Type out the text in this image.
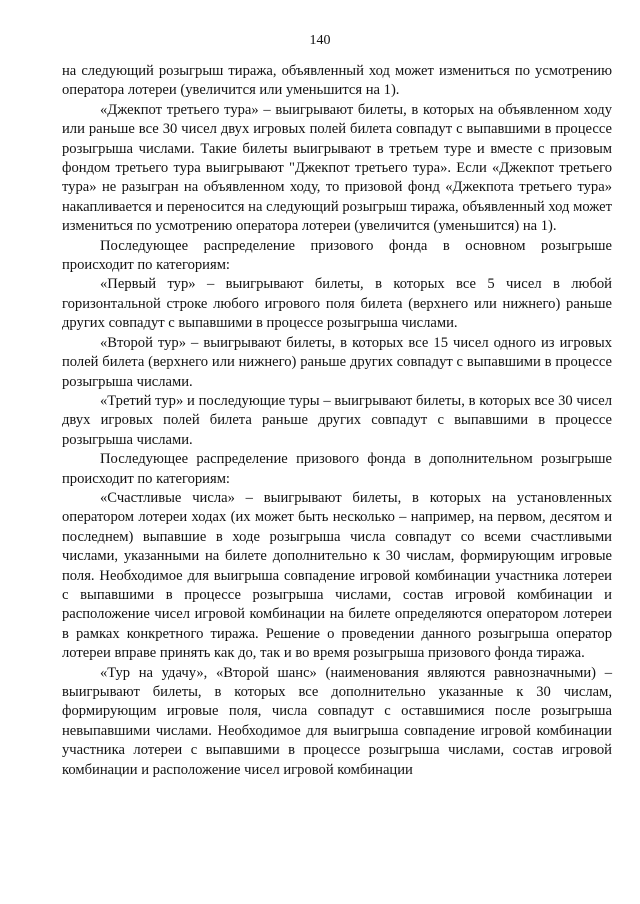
140

на следующий розыгрыш тиража, объявленный ход может измениться по усмотрению оператора лотереи (увеличится или уменьшится на 1).

«Джекпот третьего тура» – выигрывают билеты, в которых на объявленном ходу или раньше все 30 чисел двух игровых полей билета совпадут с выпавшими в процессе розыгрыша числами. Такие билеты выигрывают в третьем туре и вместе с призовым фондом третьего тура выигрывают "Джекпот третьего тура». Если «Джекпот третьего тура» не разыгран на объявленном ходу, то призовой фонд «Джекпота третьего тура» накапливается и переносится на следующий розыгрыш тиража, объявленный ход может измениться по усмотрению оператора лотереи (увеличится (уменьшится) на 1).

Последующее распределение призового фонда в основном розыгрыше происходит по категориям:

«Первый тур» – выигрывают билеты, в которых все 5 чисел в любой горизонтальной строке любого игрового поля билета (верхнего или нижнего) раньше других совпадут с выпавшими в процессе розыгрыша числами.

«Второй тур» – выигрывают билеты, в которых все 15 чисел одного из игровых полей билета (верхнего или нижнего) раньше других совпадут с выпавшими в процессе розыгрыша числами.

«Третий тур» и последующие туры – выигрывают билеты, в которых все 30 чисел двух игровых полей билета раньше других совпадут с выпавшими в процессе розыгрыша числами.

Последующее распределение призового фонда в дополнительном розыгрыше происходит по категориям:

«Счастливые числа» – выигрывают билеты, в которых на установленных оператором лотереи ходах (их может быть несколько – например, на первом, десятом и последнем) выпавшие в ходе розыгрыша числа совпадут со всеми счастливыми числами, указанными на билете дополнительно к 30 числам, формирующим игровые поля. Необходимое для выигрыша совпадение игровой комбинации участника лотереи с выпавшими в процессе розыгрыша числами, состав игровой комбинации и расположение чисел игровой комбинации на билете определяются оператором лотереи в рамках конкретного тиража. Решение о проведении данного розыгрыша оператор лотереи вправе принять как до, так и во время розыгрыша призового фонда тиража.

«Тур на удачу», «Второй шанс» (наименования являются равнозначными) – выигрывают билеты, в которых все дополнительно указанные к 30 числам, формирующим игровые поля, числа совпадут с оставшимися после розыгрыша невыпавшими числами. Необходимое для выигрыша совпадение игровой комбинации участника лотереи с выпавшими в процессе розыгрыша числами, состав игровой комбинации и расположение чисел игровой комбинации
